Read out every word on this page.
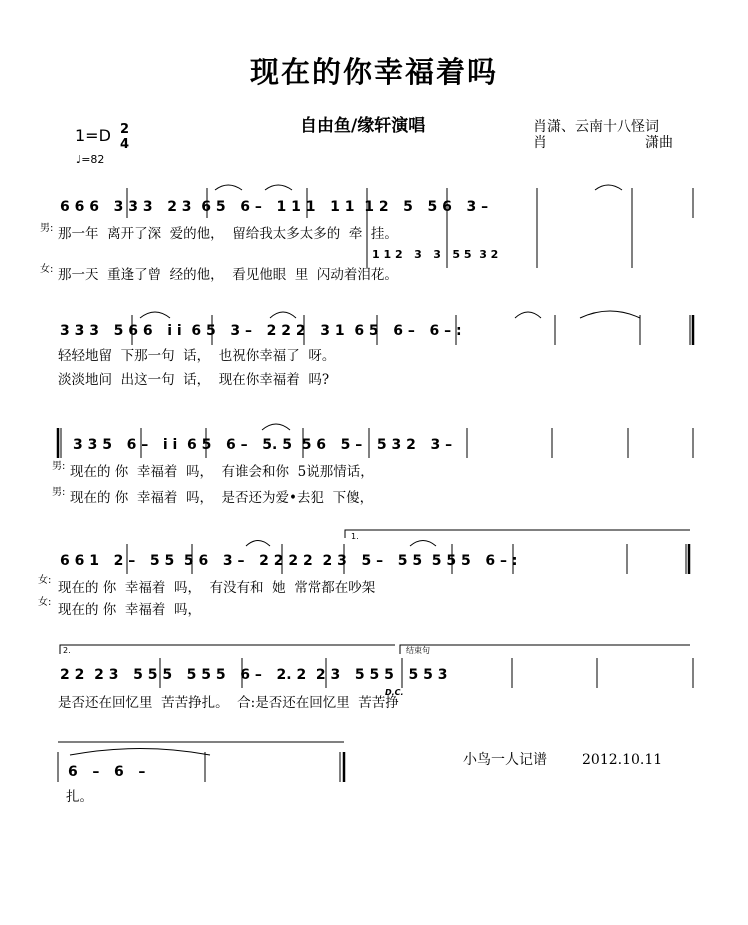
现在的你幸福着吗
自由鱼/缘轩演唱	肖潇、云南十八怪词
肖	潇曲
1=D 2
4
♩=82
6 6 6   3 3 3   2 3  6 5   6 –   1 1 1   1 1  1 2   5   5 6   3 –
男: 那一年  离开了深  爱的他，  留给我太多太多的  牵  挂。
1 1 2   3   3   5 5  3 2
女: 那一天  重逢了曾  经的他，  看见他眼  里  闪动着泪花。
3 3 3   5 6 6   i i  6 5   3 –   2 2 2   3 1  6 5   6 –   6 – :
轻轻地留  下那一句  话，  也祝你幸福了  呀。
淡淡地问  出这一句  话，  现在你幸福着  吗?
3 3 5   6 –   i i  6 5   6 –   5. 5  5 6   5 –   5 3 2   3 –
男: 现在的 你  幸福着  吗，  有谁会和你  5说那情话，
男: 现在的 你  幸福着  吗，  是否还为爱•去犯  下傻，
6 6 1   2 –   5 5  5 6   3 –   2 2 2 2  2 3   5 –   5 5  5 5 5   6 – :
1.
女: 现在的 你  幸福着  吗，  有没有和  她  常常都在吵架
女: 现在的 你  幸福着  吗，
2.	结束句
2 2  2 3   5 5 5   5 5 5   6 –   2. 2  2 3   5 5 5   5 5 3
D.C.
是否还在回忆里  苦苦挣扎。  合:是否还在回忆里  苦苦挣
6   –   6   –
扎。
小鸟一人记谱	2012.10.11
